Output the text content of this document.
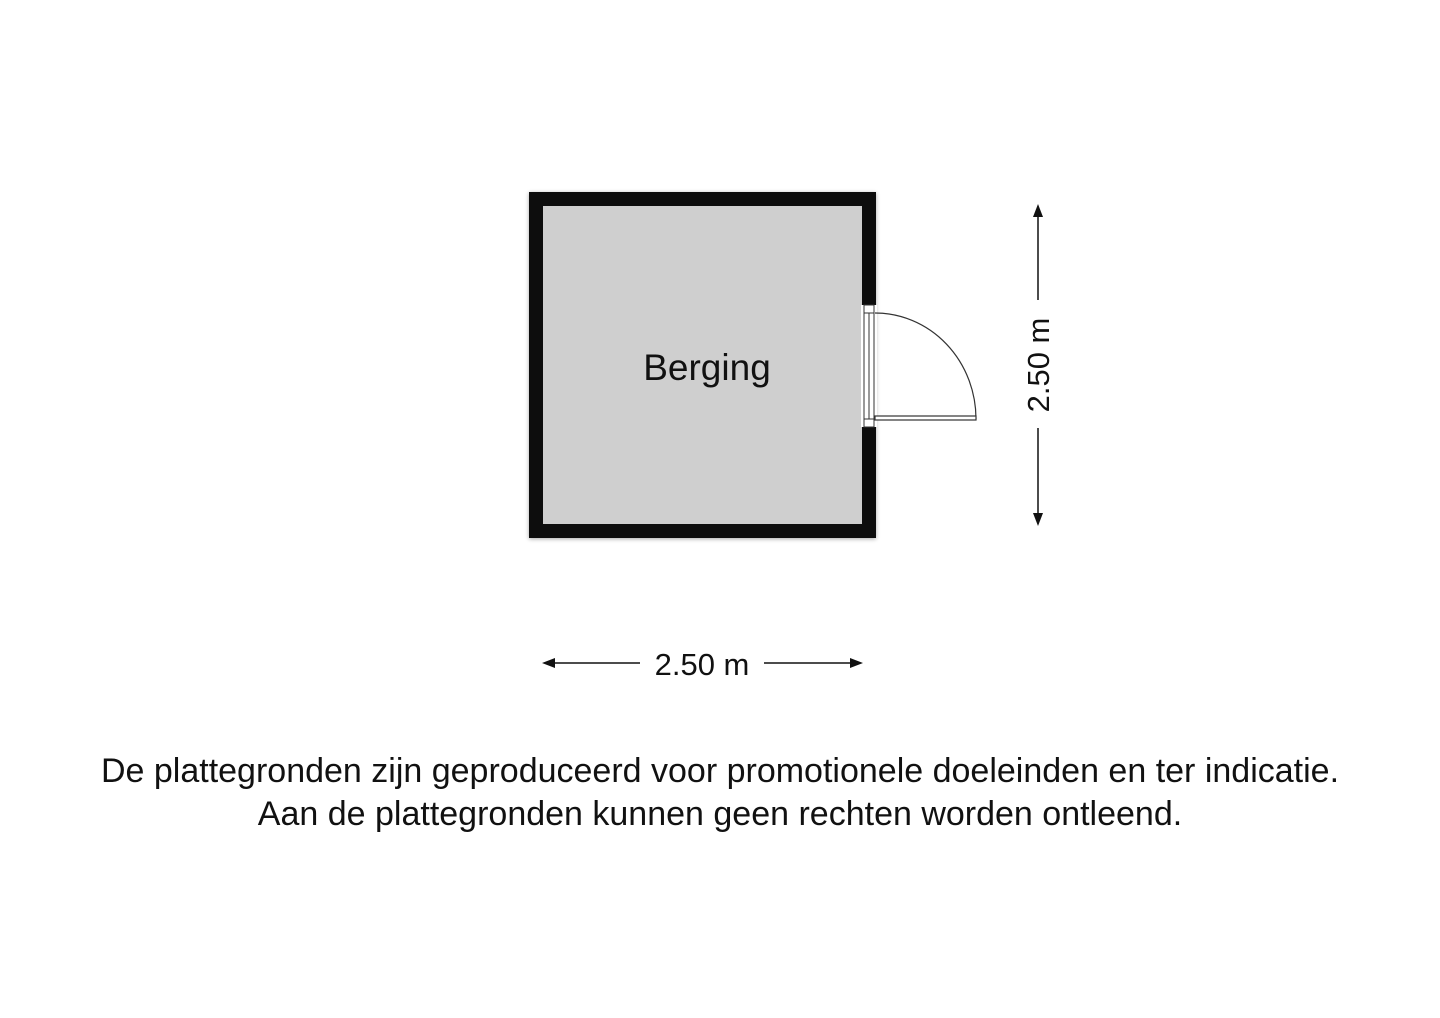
Berging	2.50 m
2.50 m
De plattegronden zijn geproduceerd voor promotionele doeleinden en ter indicatie.
Aan de plattegronden kunnen geen rechten worden ontleend.
